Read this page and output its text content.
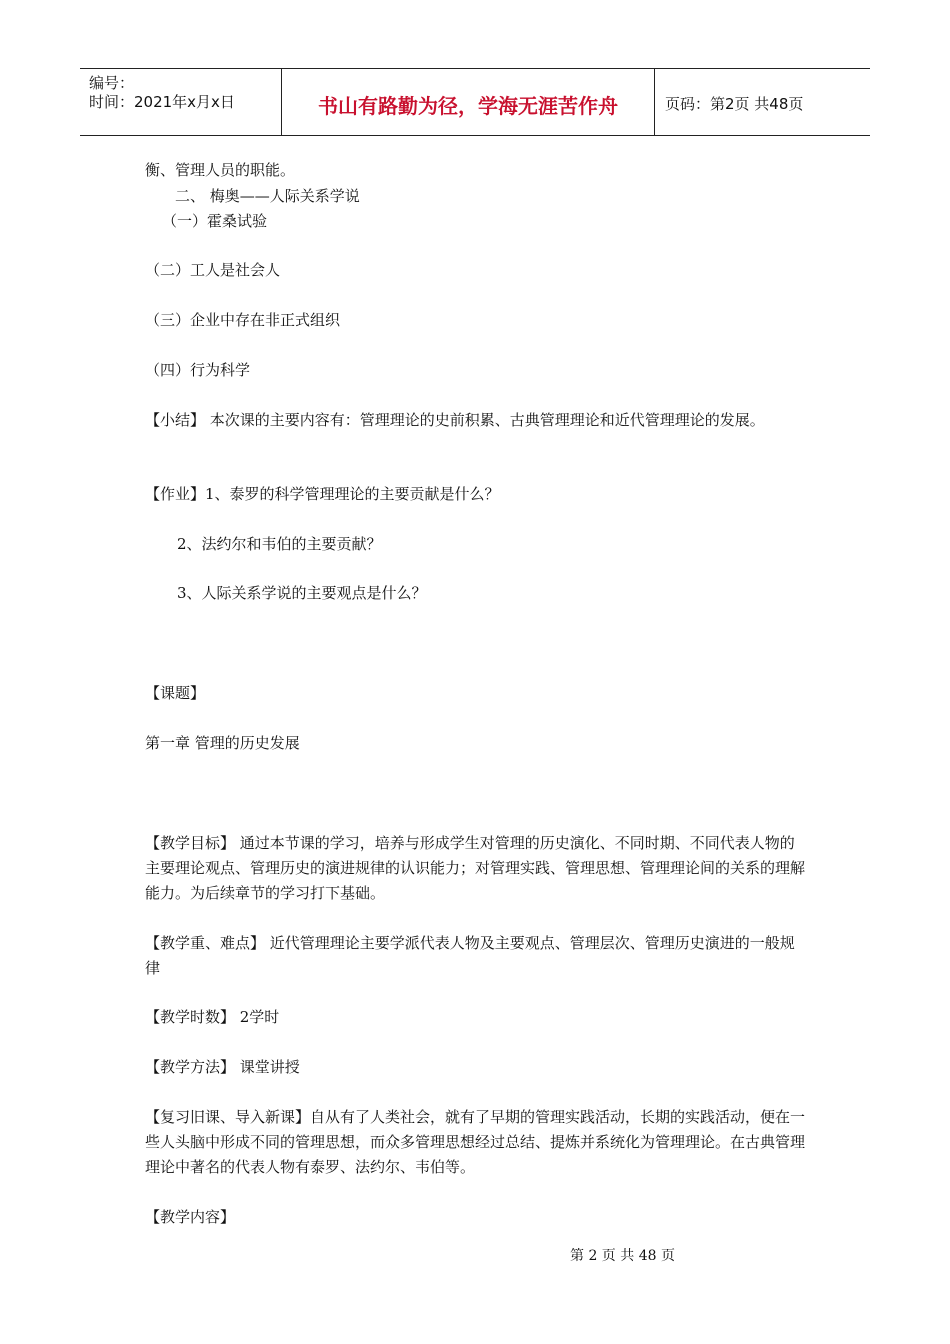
编号：
时间：2021年x月x日	书山有路勤为径，学海无涯苦作舟	页码：第2页 共48页
衡、管理人员的职能。
二、 梅奥——人际关系学说
（一）霍桑试验
（二）工人是社会人
（三）企业中存在非正式组织
（四）行为科学
【小结】 本次课的主要内容有：管理理论的史前积累、古典管理理论和近代管理理论的发展。
【作业】1、泰罗的科学管理理论的主要贡献是什么？
2、法约尔和韦伯的主要贡献？
3、人际关系学说的主要观点是什么？
【课题】
第一章 管理的历史发展
【教学目标】 通过本节课的学习，培养与形成学生对管理的历史演化、不同时期、不同代表人物的主要理论观点、管理历史的演进规律的认识能力；对管理实践、管理思想、管理理论间的关系的理解能力。为后续章节的学习打下基础。
【教学重、难点】 近代管理理论主要学派代表人物及主要观点、管理层次、管理历史演进的一般规律
【教学时数】 2学时
【教学方法】 课堂讲授
【复习旧课、导入新课】自从有了人类社会，就有了早期的管理实践活动，长期的实践活动，便在一些人头脑中形成不同的管理思想，而众多管理思想经过总结、提炼并系统化为管理理论。在古典管理理论中著名的代表人物有泰罗、法约尔、韦伯等。
【教学内容】
第 2 页 共 48 页
